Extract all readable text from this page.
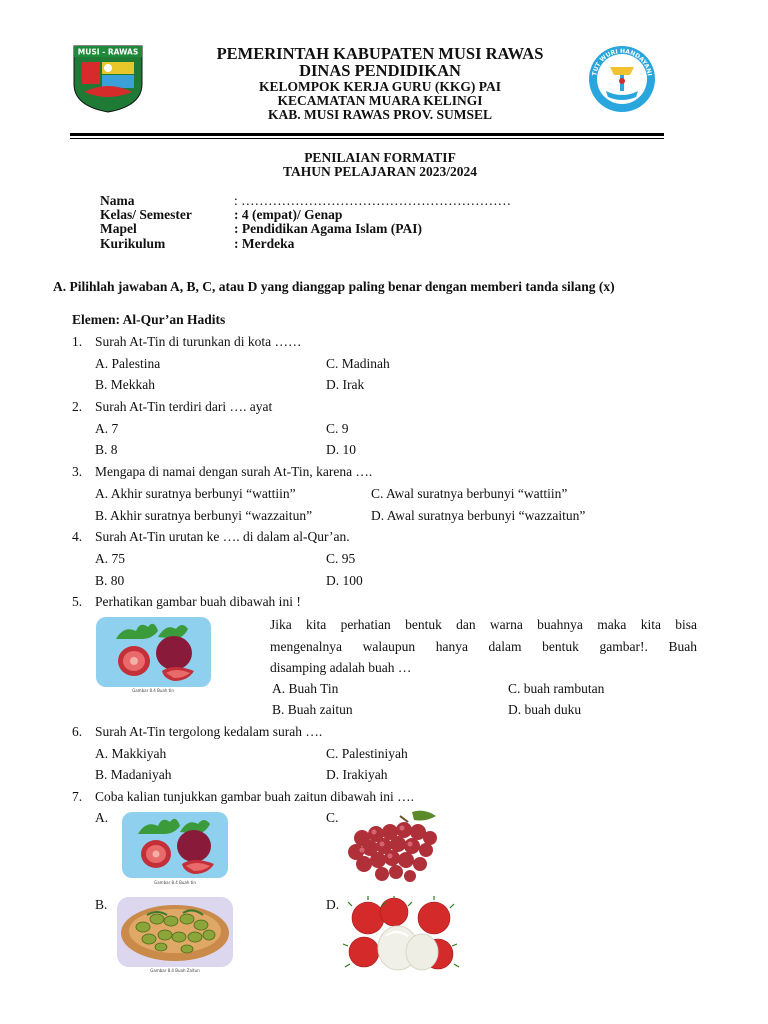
MUSI - RAWAS
TUT WURI HANDAYANI
PEMERINTAH KABUPATEN MUSI RAWAS
DINAS PENDIDIKAN
KELOMPOK KERJA GURU (KKG) PAI
KECAMATAN MUARA KELINGI
KAB. MUSI RAWAS PROV. SUMSEL
PENILAIAN FORMATIF
TAHUN PELAJARAN 2023/2024
Nama	: ……………………………………………………
Kelas/ Semester	: 4 (empat)/ Genap
Mapel	: Pendidikan Agama Islam (PAI)
Kurikulum	: Merdeka
A. Pilihlah jawaban A, B, C, atau D yang dianggap paling benar dengan memberi tanda silang (x)
Elemen: Al-Qur’an Hadits
1. Surah At-Tin di turunkan di kota ……
A. Palestina	C. Madinah
B. Mekkah	D. Irak
2. Surah At-Tin terdiri dari …. ayat
A. 7	C. 9
B. 8	D. 10
3. Mengapa di namai dengan surah At-Tin, karena ….
A. Akhir suratnya berbunyi “wattiin”	C. Awal suratnya berbunyi “wattiin”
B. Akhir suratnya berbunyi “wazzaitun”	D. Awal suratnya berbunyi “wazzaitun”
4. Surah At-Tin urutan ke …. di dalam al-Qur’an.
A. 75	C. 95
B. 80	D. 100
5. Perhatikan gambar buah dibawah ini !
Gambar 8.4 Buah tin
Jika kita perhatian bentuk dan warna buahnya maka kita bisa
mengenalnya walaupun hanya dalam bentuk gambar!. Buah
disamping adalah buah …
A. Buah Tin	C. buah rambutan
B. Buah zaitun	D. buah duku
6. Surah At-Tin tergolong kedalam surah ….
A. Makkiyah	C. Palestiniyah
B. Madaniyah	D. Irakiyah
7. Coba kalian tunjukkan gambar buah zaitun dibawah ini ….
A.	C.
B.	D.
Gambar 8.4 Buah tin
Gambar 8.4 Buah Zaitun
